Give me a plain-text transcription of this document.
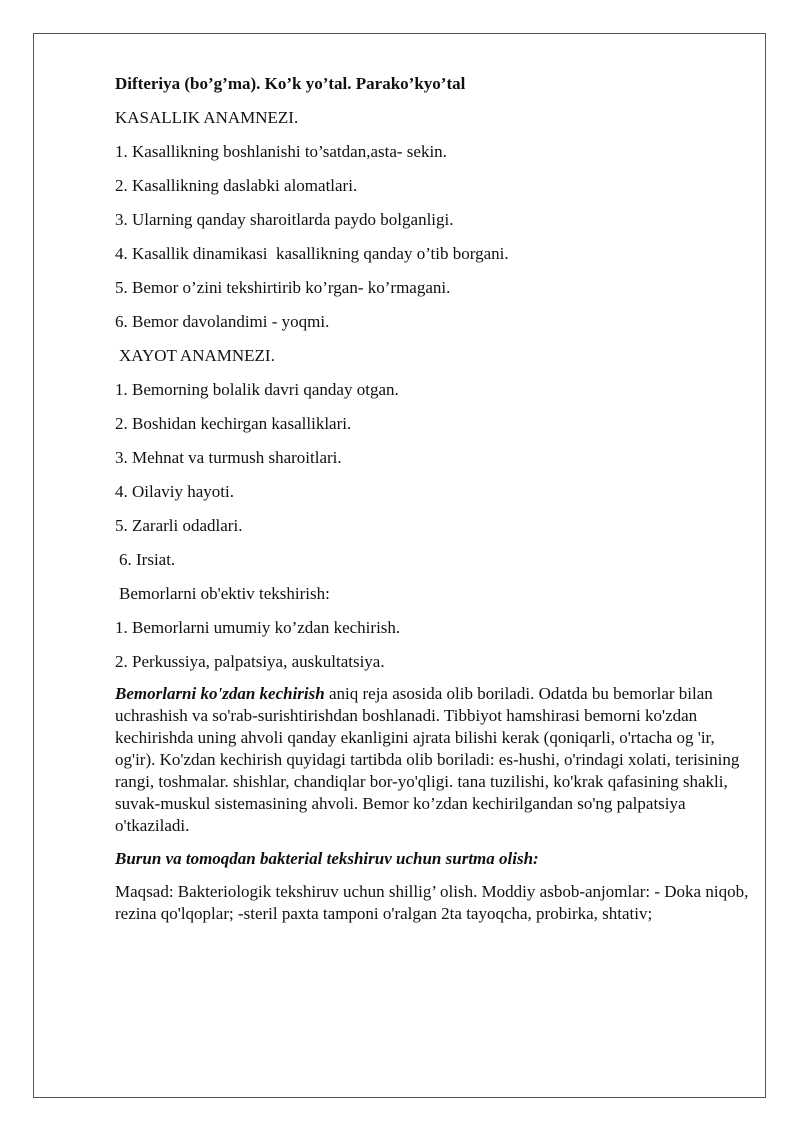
Difteriya (bo’g’ma). Ko’k yo’tal. Parako’kyo’tal

KASALLIK ANAMNEZI.

1. Kasallikning boshlanishi to’satdan,asta- sekin.

2. Kasallikning daslabki alomatlari.

3. Ularning qanday sharoitlarda paydo bolganligi.

4. Kasallik dinamikasi  kasallikning qanday o’tib borgani.

5. Bemor o’zini tekshirtirib ko’rgan- ko’rmagani.

6. Bemor davolandimi - yoqmi.

XAYOT ANAMNEZI.

1. Bemorning bolalik davri qanday otgan.

2. Boshidan kechirgan kasalliklari.

3. Mehnat va turmush sharoitlari.

4. Oilaviy hayoti.

5. Zararli odadlari.

6. Irsiat.

Bemorlarni ob'ektiv tekshirish:

1. Bemorlarni umumiy ko’zdan kechirish.

2. Perkussiya, palpatsiya, auskultatsiya.

Bemorlarni ko'zdan kechirish aniq reja asosida olib boriladi. Odatda bu bemorlar bilan uchrashish va so'rab-surishtirishdan boshlanadi. Tibbiyot hamshirasi bemorni ko'zdan kechirishda uning ahvoli qanday ekanligini ajrata bilishi kerak (qoniqarli, o'rtacha og 'ir, og'ir). Ko'zdan kechirish quyidagi tartibda olib boriladi: es-hushi, o'rindagi xolati, terisining rangi, toshmalar. shishlar, chandiqlar bor-yo'qligi. tana tuzilishi, ko'krak qafasining shakli, suvak-muskul sistemasining ahvoli. Bemor ko’zdan kechirilgandan so'ng palpatsiya o'tkaziladi.

Burun va tomoqdan bakterial tekshiruv uchun surtma olish:

Maqsad: Bakteriologik tekshiruv uchun shillig’ olish. Moddiy asbob-anjomlar: - Doka niqob, rezina qo'lqoplar; -steril paxta tamponi o'ralgan 2ta tayoqcha, probirka, shtativ;
